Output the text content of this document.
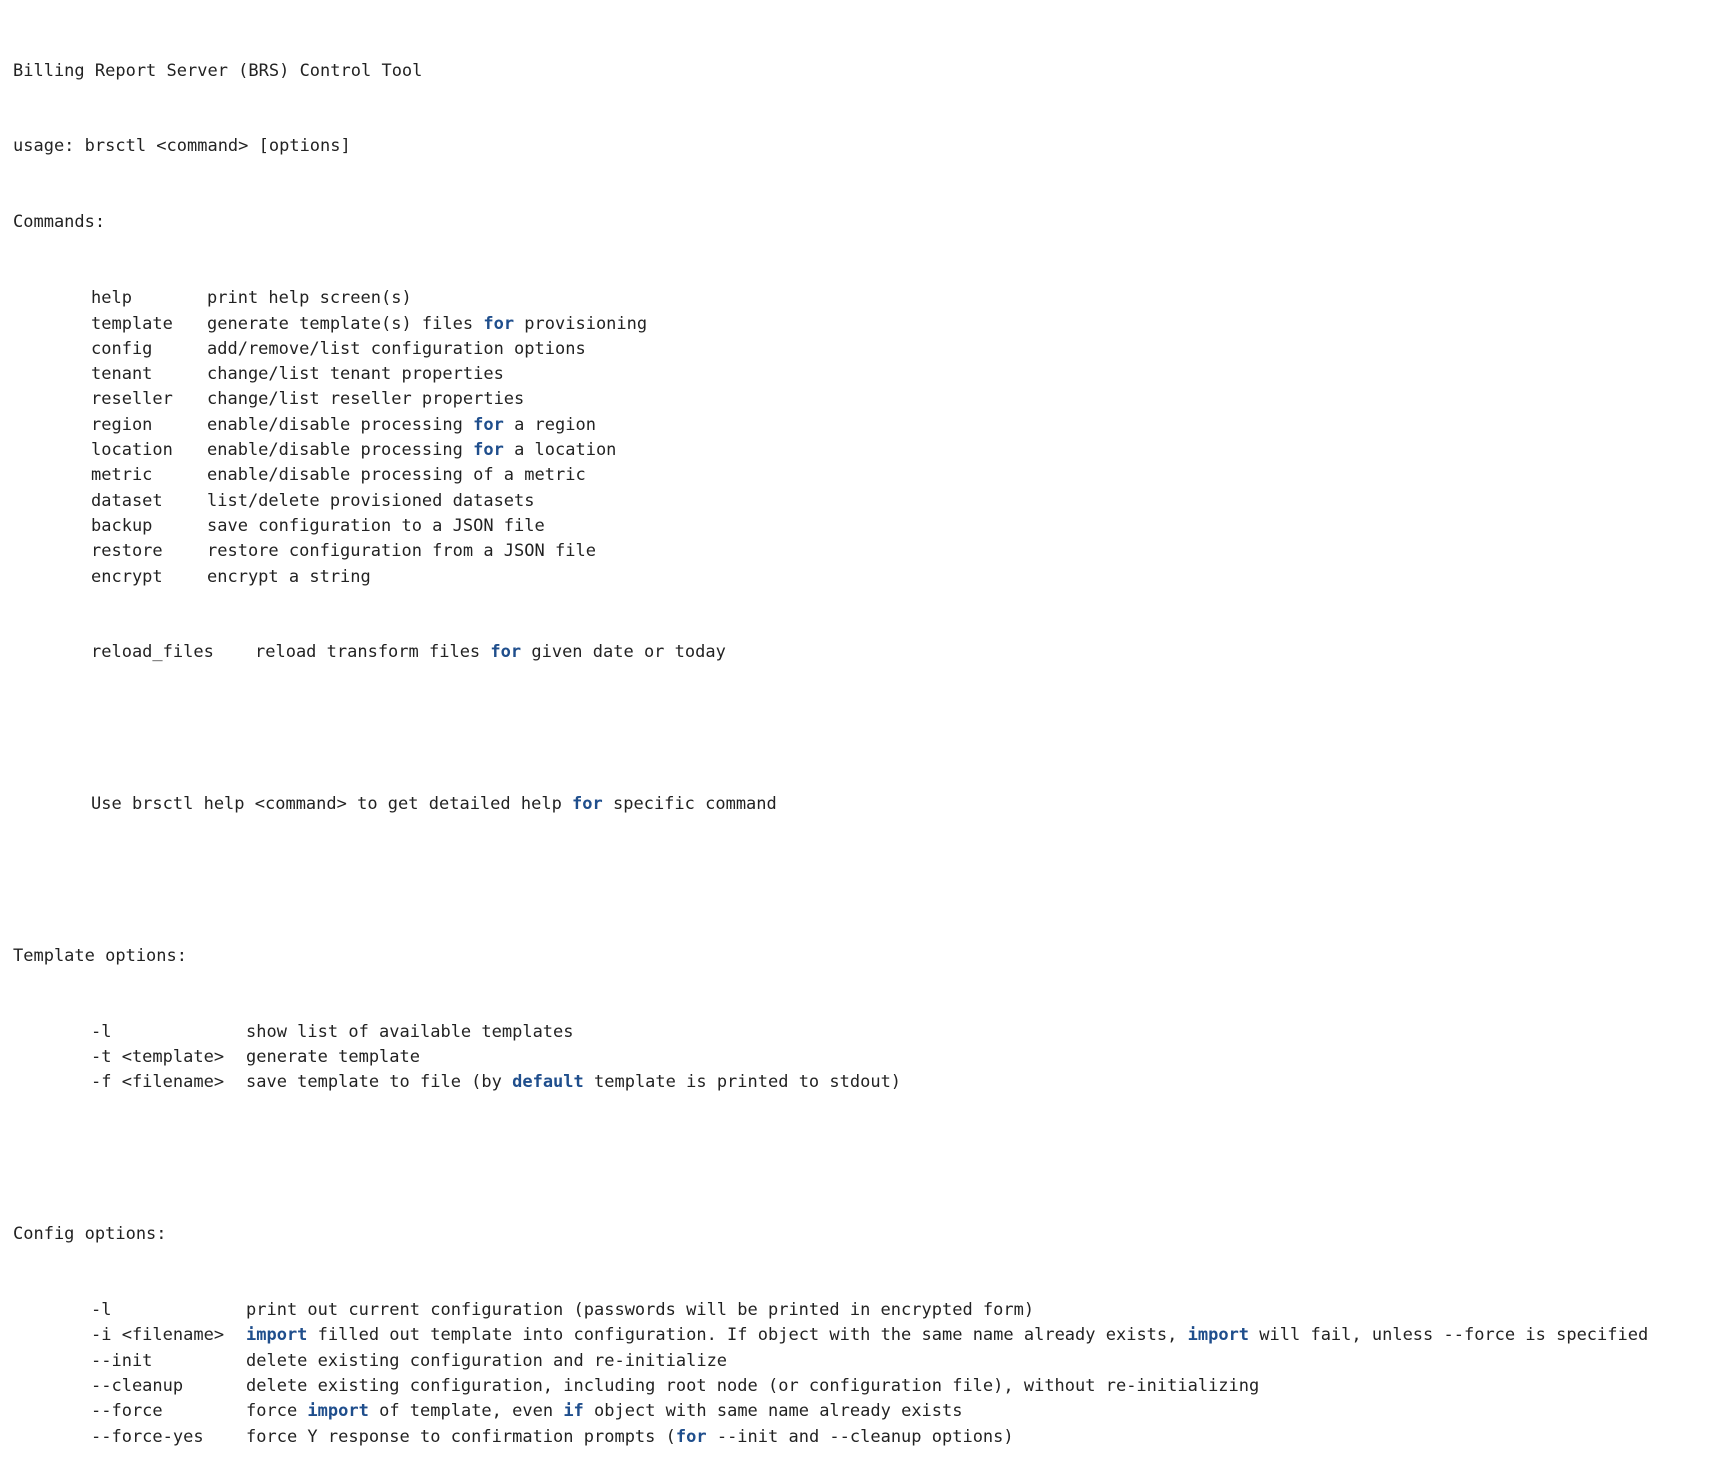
Billing Report Server (BRS) Control Tool

usage: brsctl <command> [options]

Commands:

help	print help screen(s)
template	generate template(s) files for provisioning
config	add/remove/list configuration options
tenant	change/list tenant properties
reseller	change/list reseller properties
region	enable/disable processing for a region
location	enable/disable processing for a location
metric	enable/disable processing of a metric
dataset	list/delete provisioned datasets
backup	save configuration to a JSON file
restore	restore configuration from a JSON file
encrypt	encrypt a string

reload_files	reload transform files for given date or today

Use brsctl help <command> to get detailed help for specific command

Template options:

-l	show list of available templates
-t <template>	generate template
-f <filename>	save template to file (by default template is printed to stdout)

Config options:

-l	print out current configuration (passwords will be printed in encrypted form)
-i <filename>	import filled out template into configuration. If object with the same name already exists, import will fail, unless --force is specified
--init	delete existing configuration and re-initialize
--cleanup	delete existing configuration, including root node (or configuration file), without re-initializing
--force	force import of template, even if object with same name already exists
--force-yes	force Y response to confirmation prompts (for --init and --cleanup options)
